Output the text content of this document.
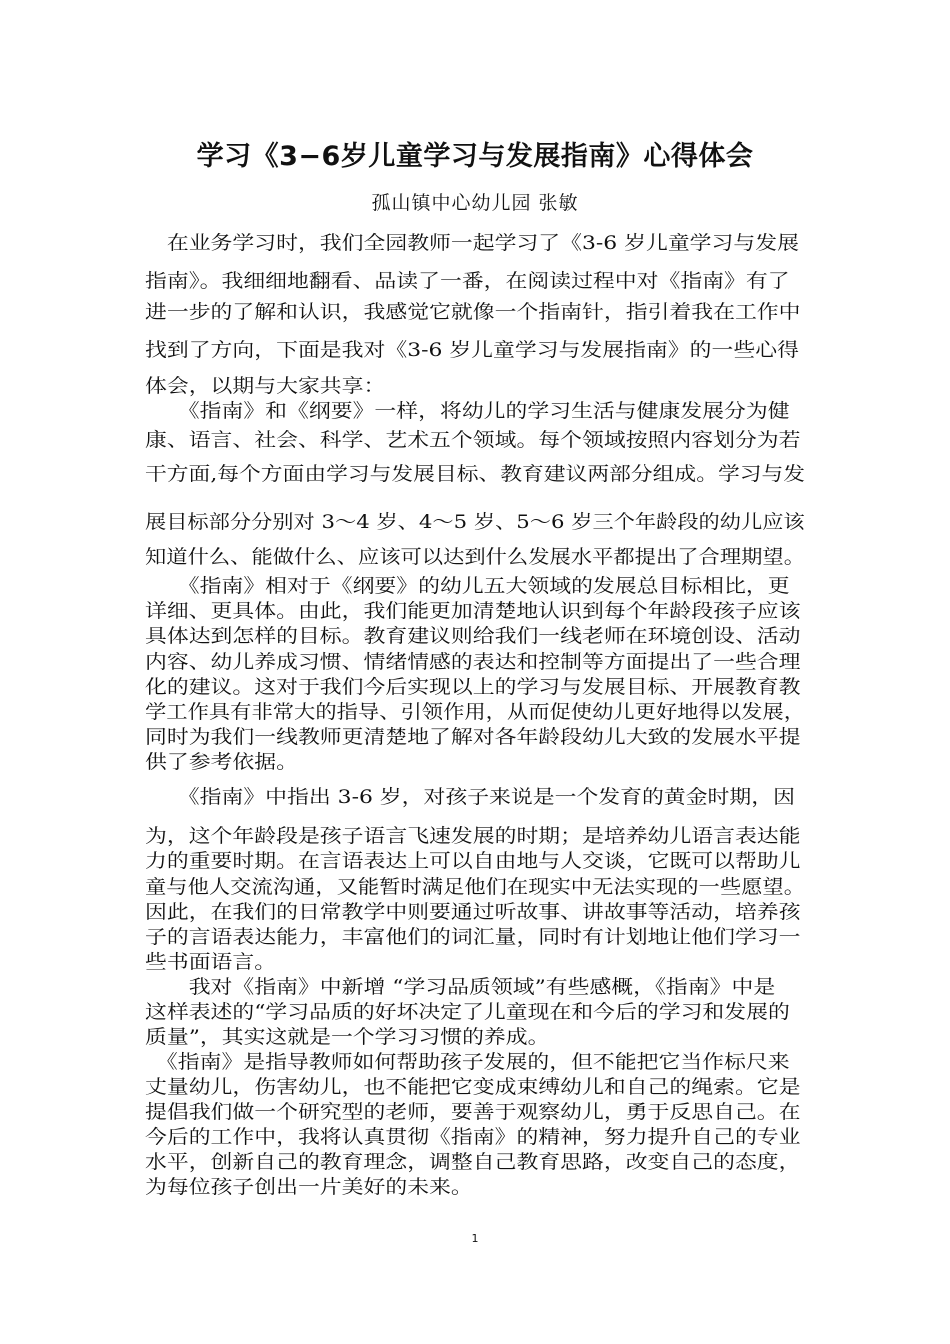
学习《3−6岁儿童学习与发展指南》心得体会
孤山镇中心幼儿园 张敏
　在业务学习时，我们全园教师一起学习了《3-6 岁儿童学习与发展
指南》。我细细地翻看、品读了一番，在阅读过程中对《指南》有了
进一步的了解和认识，我感觉它就像一个指南针，指引着我在工作中
找到了方向，下面是我对《3-6 岁儿童学习与发展指南》的一些心得
体会，以期与大家共享：
　　《指南》和《纲要》一样，将幼儿的学习生活与健康发展分为健
康、语言、社会、科学、艺术五个领域。每个领域按照内容划分为若
干方面,每个方面由学习与发展目标、教育建议两部分组成。学习与发
展目标部分分别对 3～4 岁、4～5 岁、5～6 岁三个年龄段的幼儿应该
知道什么、能做什么、应该可以达到什么发展水平都提出了合理期望。
　　《指南》相对于《纲要》的幼儿五大领域的发展总目标相比，更
详细、更具体。由此，我们能更加清楚地认识到每个年龄段孩子应该
具体达到怎样的目标。教育建议则给我们一线老师在环境创设、活动
内容、幼儿养成习惯、情绪情感的表达和控制等方面提出了一些合理
化的建议。这对于我们今后实现以上的学习与发展目标、开展教育教
学工作具有非常大的指导、引领作用，从而促使幼儿更好地得以发展，
同时为我们一线教师更清楚地了解对各年龄段幼儿大致的发展水平提
供了参考依据。
　　《指南》中指出 3-6 岁，对孩子来说是一个发育的黄金时期，因
为，这个年龄段是孩子语言飞速发展的时期；是培养幼儿语言表达能
力的重要时期。在言语表达上可以自由地与人交谈，它既可以帮助儿
童与他人交流沟通，又能暂时满足他们在现实中无法实现的一些愿望。
因此，在我们的日常教学中则要通过听故事、讲故事等活动，培养孩
子的言语表达能力，丰富他们的词汇量，同时有计划地让他们学习一
些书面语言。
　　我对《指南》中新增 “学习品质领域”有些感概，《指南》中是
这样表述的“学习品质的好坏决定了儿童现在和今后的学习和发展的
质量”，其实这就是一个学习习惯的养成。
　《指南》是指导教师如何帮助孩子发展的，但不能把它当作标尺来
丈量幼儿，伤害幼儿，也不能把它变成束缚幼儿和自己的绳索。它是
提倡我们做一个研究型的老师，要善于观察幼儿，勇于反思自己。在
今后的工作中，我将认真贯彻《指南》的精神，努力提升自己的专业
水平，创新自己的教育理念，调整自己教育思路，改变自己的态度，
为每位孩子创出一片美好的未来。
1
